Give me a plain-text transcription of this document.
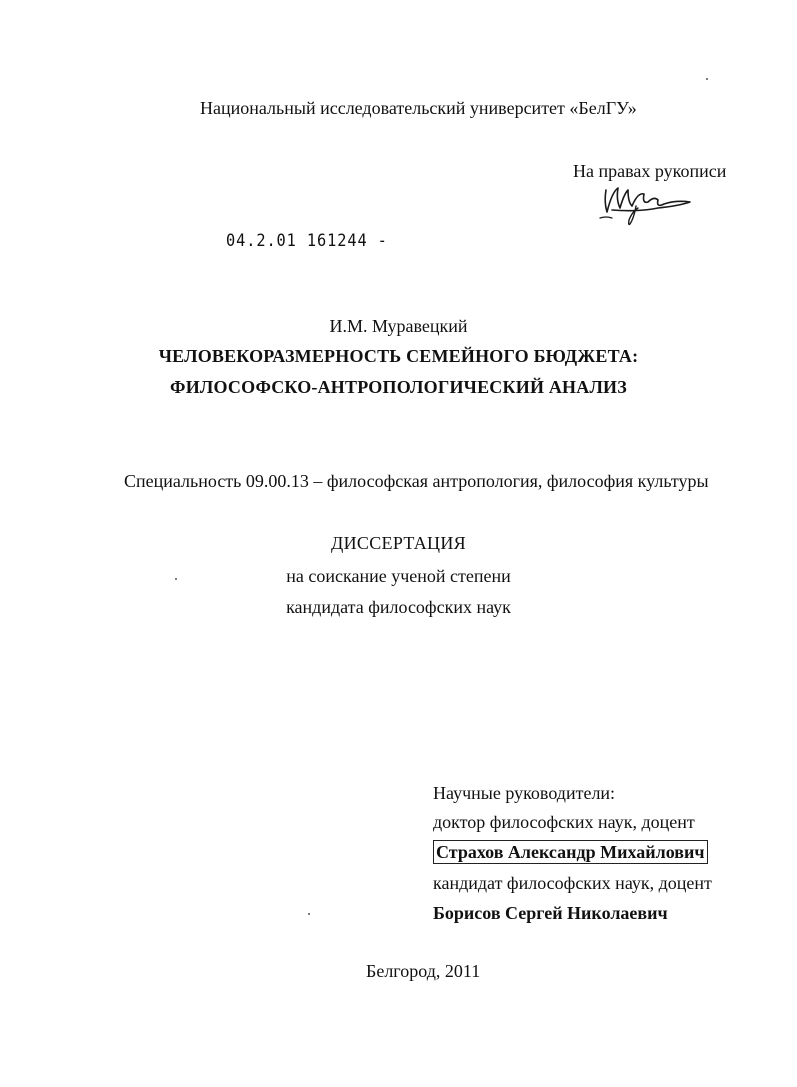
Национальный исследовательский университет «БелГУ»
На правах рукописи
04.2.01 161244 -
И.М. Муравецкий
ЧЕЛОВЕКОРАЗМЕРНОСТЬ СЕМЕЙНОГО БЮДЖЕТА:
ФИЛОСОФСКО-АНТРОПОЛОГИЧЕСКИЙ АНАЛИЗ
Специальность 09.00.13 – философская антропология, философия культуры
ДИССЕРТАЦИЯ
на соискание ученой степени
кандидата философских наук
Научные руководители:
доктор философских наук, доцент
Страхов Александр Михайлович
кандидат философских наук, доцент
Борисов Сергей Николаевич
Белгород, 2011
